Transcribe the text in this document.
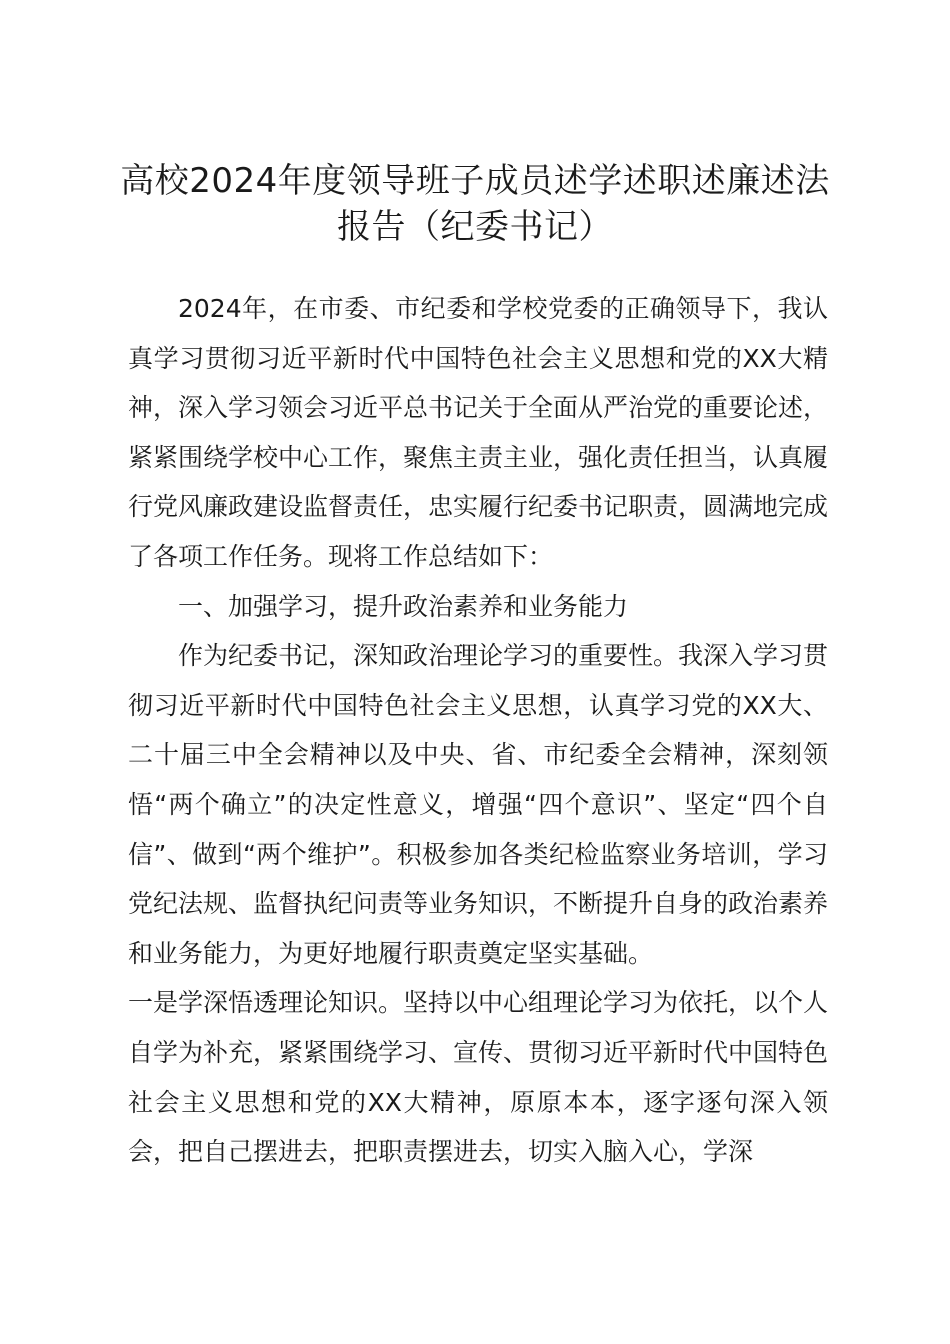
高校2024年度领导班子成员述学述职述廉述法报告（纪委书记）

2024年，在市委、市纪委和学校党委的正确领导下，我认真学习贯彻习近平新时代中国特色社会主义思想和党的XX大精神，深入学习领会习近平总书记关于全面从严治党的重要论述，紧紧围绕学校中心工作，聚焦主责主业，强化责任担当，认真履行党风廉政建设监督责任，忠实履行纪委书记职责，圆满地完成了各项工作任务。现将工作总结如下：

一、加强学习，提升政治素养和业务能力

作为纪委书记，深知政治理论学习的重要性。我深入学习贯彻习近平新时代中国特色社会主义思想，认真学习党的XX大、二十届三中全会精神以及中央、省、市纪委全会精神，深刻领悟“两个确立”的决定性意义，增强“四个意识”、坚定“四个自信”、做到“两个维护”。积极参加各类纪检监察业务培训，学习党纪法规、监督执纪问责等业务知识，不断提升自身的政治素养和业务能力，为更好地履行职责奠定坚实基础。

一是学深悟透理论知识。坚持以中心组理论学习为依托，以个人自学为补充，紧紧围绕学习、宣传、贯彻习近平新时代中国特色社会主义思想和党的XX大精神，原原本本，逐字逐句深入领会，把自己摆进去，把职责摆进去，切实入脑入心，学深
